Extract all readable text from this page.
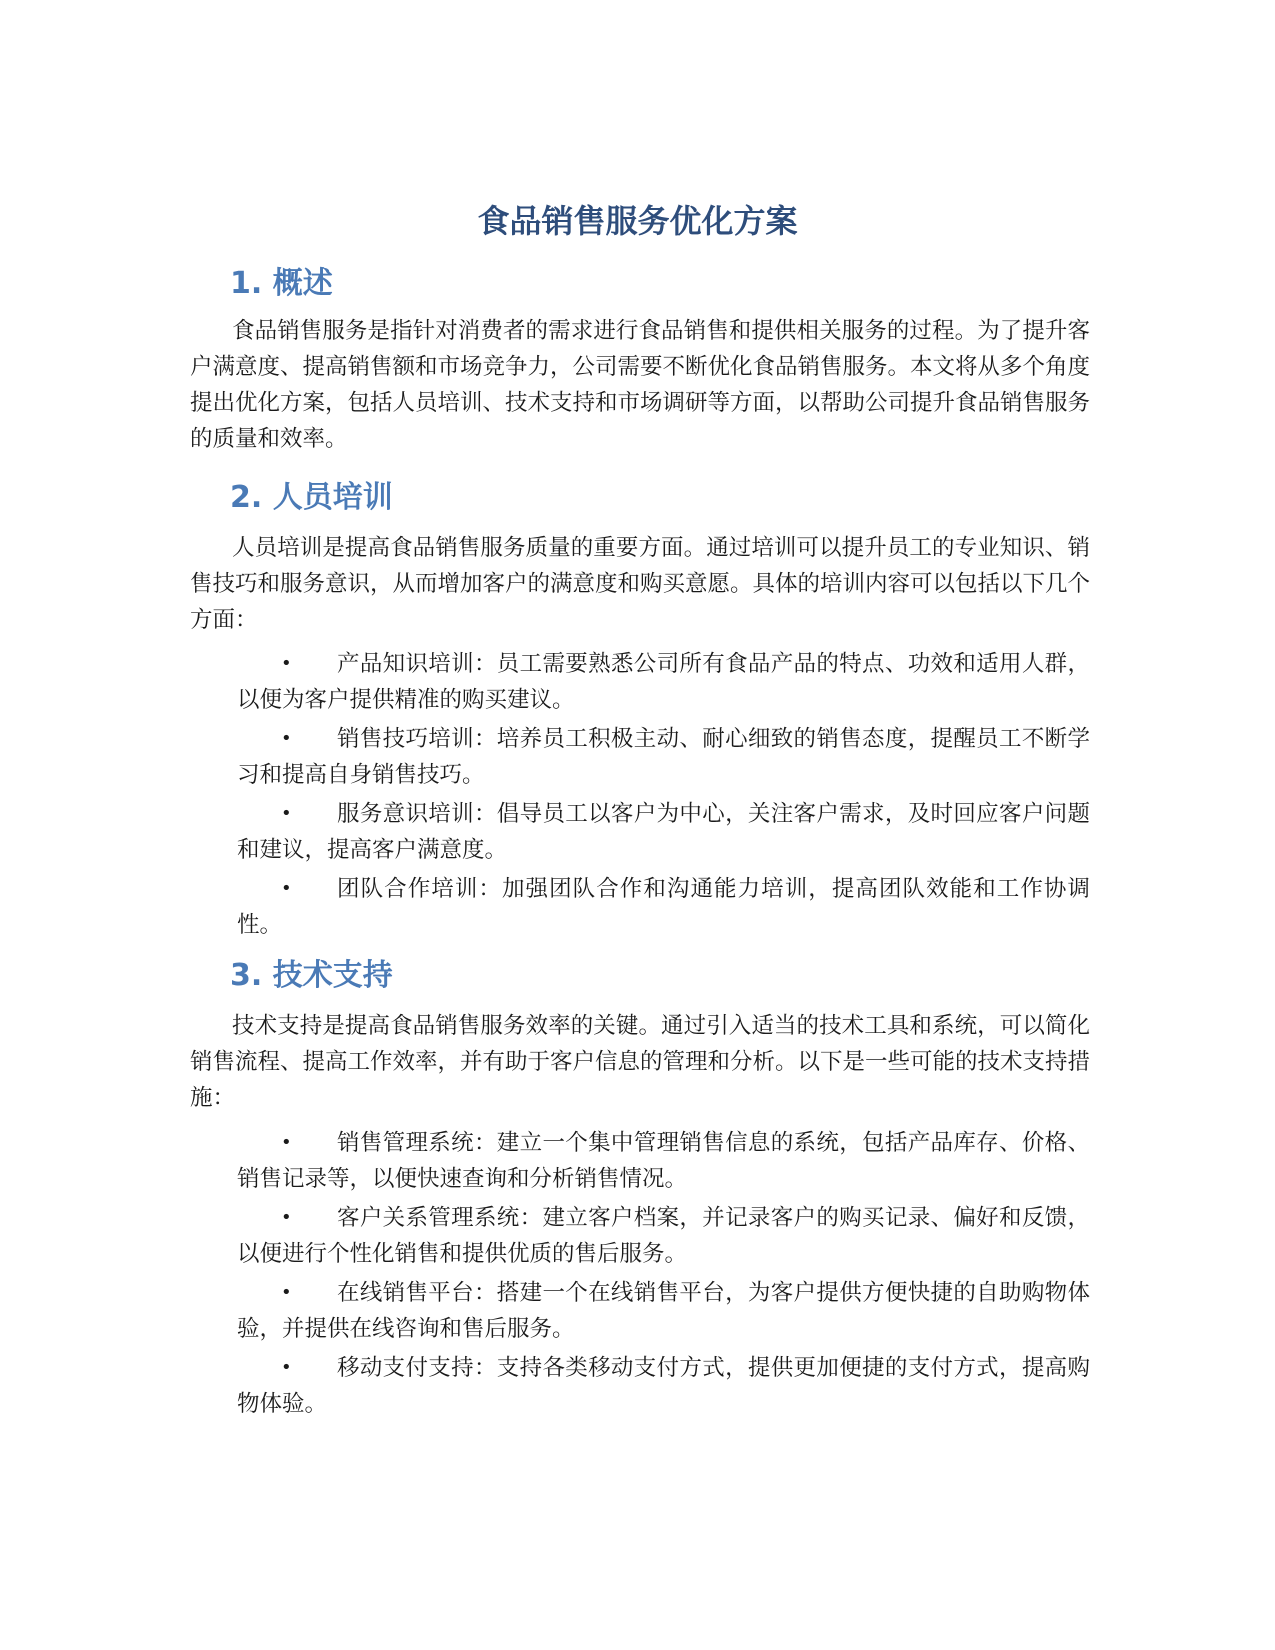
食品销售服务优化方案
1. 概述

食品销售服务是指针对消费者的需求进行食品销售和提供相关服务的过程。为了提升客户满意度、提高销售额和市场竞争力，公司需要不断优化食品销售服务。本文将从多个角度提出优化方案，包括人员培训、技术支持和市场调研等方面，以帮助公司提升食品销售服务的质量和效率。

2. 人员培训

人员培训是提高食品销售服务质量的重要方面。通过培训可以提升员工的专业知识、销售技巧和服务意识，从而增加客户的满意度和购买意愿。具体的培训内容可以包括以下几个方面：

• 产品知识培训：员工需要熟悉公司所有食品产品的特点、功效和适用人群，以便为客户提供精准的购买建议。
• 销售技巧培训：培养员工积极主动、耐心细致的销售态度，提醒员工不断学习和提高自身销售技巧。
• 服务意识培训：倡导员工以客户为中心，关注客户需求，及时回应客户问题和建议，提高客户满意度。
• 团队合作培训：加强团队合作和沟通能力培训，提高团队效能和工作协调性。
3. 技术支持

技术支持是提高食品销售服务效率的关键。通过引入适当的技术工具和系统，可以简化销售流程、提高工作效率，并有助于客户信息的管理和分析。以下是一些可能的技术支持措施：

• 销售管理系统：建立一个集中管理销售信息的系统，包括产品库存、价格、销售记录等，以便快速查询和分析销售情况。
• 客户关系管理系统：建立客户档案，并记录客户的购买记录、偏好和反馈，以便进行个性化销售和提供优质的售后服务。
• 在线销售平台：搭建一个在线销售平台，为客户提供方便快捷的自助购物体验，并提供在线咨询和售后服务。
• 移动支付支持：支持各类移动支付方式，提供更加便捷的支付方式，提高购物体验。
